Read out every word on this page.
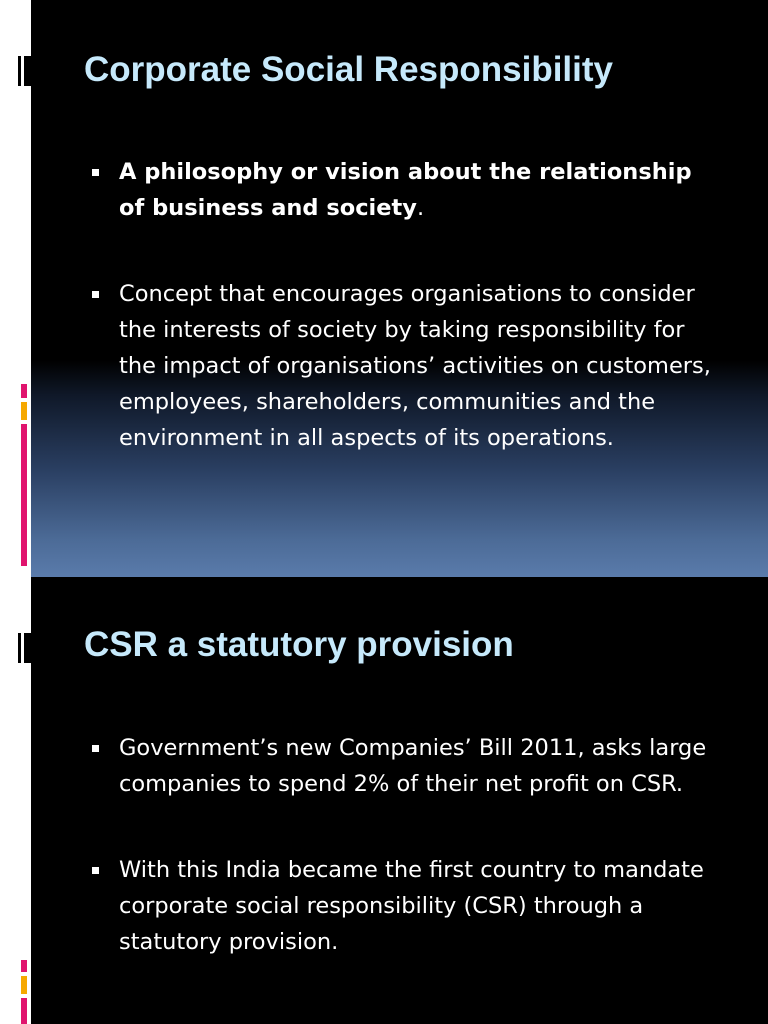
Corporate Social Responsibility
A philosophy or vision about the relationship of business and society.
Concept that encourages organisations to consider the interests of society by taking responsibility for the impact of organisations’ activities on customers, employees, shareholders, communities and the environment in all aspects of its operations.
CSR a statutory provision
Government’s new Companies’ Bill 2011, asks large companies to spend 2% of their net profit on CSR.
With this India became the first country to mandate corporate social responsibility (CSR) through a statutory provision.
